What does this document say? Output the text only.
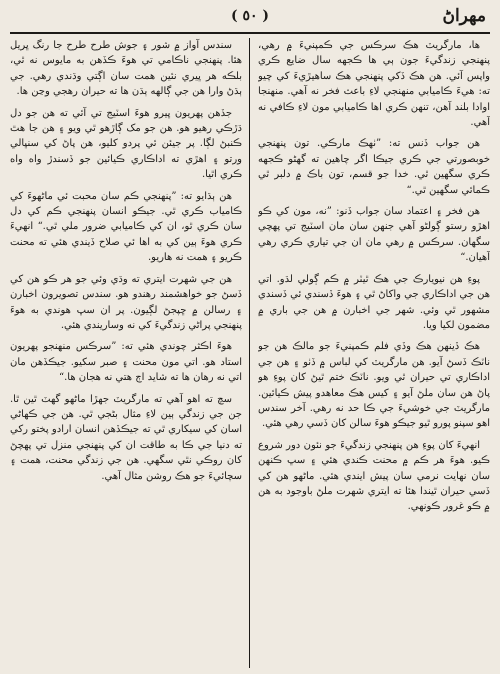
مهراڻ
( ٥٠ )

ها، مارگريٽ هڪ سرڪس جي ڪمپنيءَ ۾ رهي، پنهنجي زندگيءَ جون ٻي ها ڪجهه سال ضايع ڪري واپس آئي. هن هڪ ڏکي پنهنجي هڪ ساهيڙيءَ کي چيو ته: هيءَ ڪاميابي منهنجي لاءِ باعث فخر نه آهي. منهنجا اوادا بلند آهن، تنهن ڪري اها ڪاميابي مون لاءِ ڪافي نه آهي.

هن جواب ڏنس ته: ”ٺهڪ مارڪي. تون پنهنجي خوبصورتي جي ڪري جيڪا اگر چاهين ته گهڻو ڪجهه ڪري سگهين ٿي. خدا جو قسم، تون باڪ ۾ دلبر ٿي ڪمائي سگهين ٿي.“

هن فخر ۽ اعتماد سان جواب ڏنو: ”نه، مون کي ڪو اهڙو رستو ڳولڻو آهي جنهن سان مان اسٽيج تي پهچي سگهان. سرڪس ۾ رهي مان ان جي تياري ڪري رهي آهيان.“

پوءِ هن نيويارڪ جي هڪ ٿيٽر ۾ ڪم ڳولي لڌو. اتي هن جي اداڪاري جي واکاڻ ٿي ۽ هوءَ ڏسندي ئي ڏسندي مشهور ٿي وئي. شهر جي اخبارن ۾ هن جي باري ۾ مضمون لکيا ويا.

هڪ ڏينهن هڪ وڏي فلم ڪمپنيءَ جو مالڪ هن جو ناٽڪ ڏسڻ آيو. هن مارگريٽ کي لباس ۾ ڏٺو ۽ هن جي اداڪاري تي حيران ٿي ويو. ناٽڪ ختم ٿيڻ کان پوءِ هو پاڻ هن سان ملڻ آيو ۽ کيس هڪ معاهدو پيش ڪيائين. مارگريٽ جي خوشيءَ جي ڪا حد نه رهي. آخر سندس اهو سپنو پورو ٿيو جيڪو هوءَ سالن کان ڏسي رهي هئي.

انهيءَ کان پوءِ هن پنهنجي زندگيءَ جو نئون دور شروع ڪيو. هوءَ هر ڪم ۾ محنت ڪندي هئي ۽ سڀ ڪنهن سان نهايت نرمي سان پيش ايندي هئي. ماڻهو هن کي ڏسي حيران ٿيندا هئا ته ايتري شهرت ملڻ باوجود به هن ۾ ڪو غرور ڪونهي.

سندس آواز ۾ شور ۽ جوش طرح طرح جا رنگ ڀريل هئا. پنهنجي ناڪامي تي هوءَ ڪڏهن به مايوس نه ٿي، بلڪه هر ڀيري نئين همت سان اڳتي وڌندي رهي. جي ٻڌڻ وارا هن جي ڳالهه ٻڌن ها ته حيران رهجي وڃن ها.

جڏهن پهريون ڀيرو هوءَ اسٽيج تي آئي ته هن جو دل ڌڙڪي رهيو هو. هن جو مک ڳاڙهو ٿي ويو ۽ هن جا هٿ ڪنبڻ لڳا. پر جيئن ئي پردو کليو، هن پاڻ کي سنڀالي ورتو ۽ اهڙي ته اداڪاري ڪيائين جو ڏسندڙ واه واه ڪري اٿيا.

هن ٻڌايو ته: ”پنهنجي ڪم سان محبت ئي ماڻهوءَ کي ڪامياب ڪري ٿي. جيڪو انسان پنهنجي ڪم کي دل سان ڪري ٿو، ان کي ڪاميابي ضرور ملي ٿي.“ انهيءَ ڪري هوءَ ٻين کي به اها ئي صلاح ڏيندي هئي ته محنت ڪريو ۽ همت نه هاريو.

هن جي شهرت ايتري ته وڌي وئي جو هر ڪو هن کي ڏسڻ جو خواهشمند رهندو هو. سندس تصويرون اخبارن ۽ رسالن ۾ ڇپجڻ لڳيون. پر ان سڀ هوندي به هوءَ پنهنجي پراڻي زندگيءَ کي نه وساريندي هئي.

هوءَ اڪثر چوندي هئي ته: ”سرڪس منهنجو پهريون استاد هو. اتي مون محنت ۽ صبر سکيو. جيڪڏهن مان اتي نه رهان ها ته شايد اڄ هتي نه هجان ها.“

سچ ته اهو آهي ته مارگريٽ جهڙا ماڻهو گهٽ ٿين ٿا. جن جي زندگي ٻين لاءِ مثال بڻجي ٿي. هن جي ڪهاڻي اسان کي سيکاري ٿي ته جيڪڏهن انسان ارادو پختو رکي ته دنيا جي ڪا به طاقت ان کي پنهنجي منزل تي پهچڻ کان روڪي نٿي سگهي. هن جي زندگي محنت، همت ۽ سچائيءَ جو هڪ روشن مثال آهي.
